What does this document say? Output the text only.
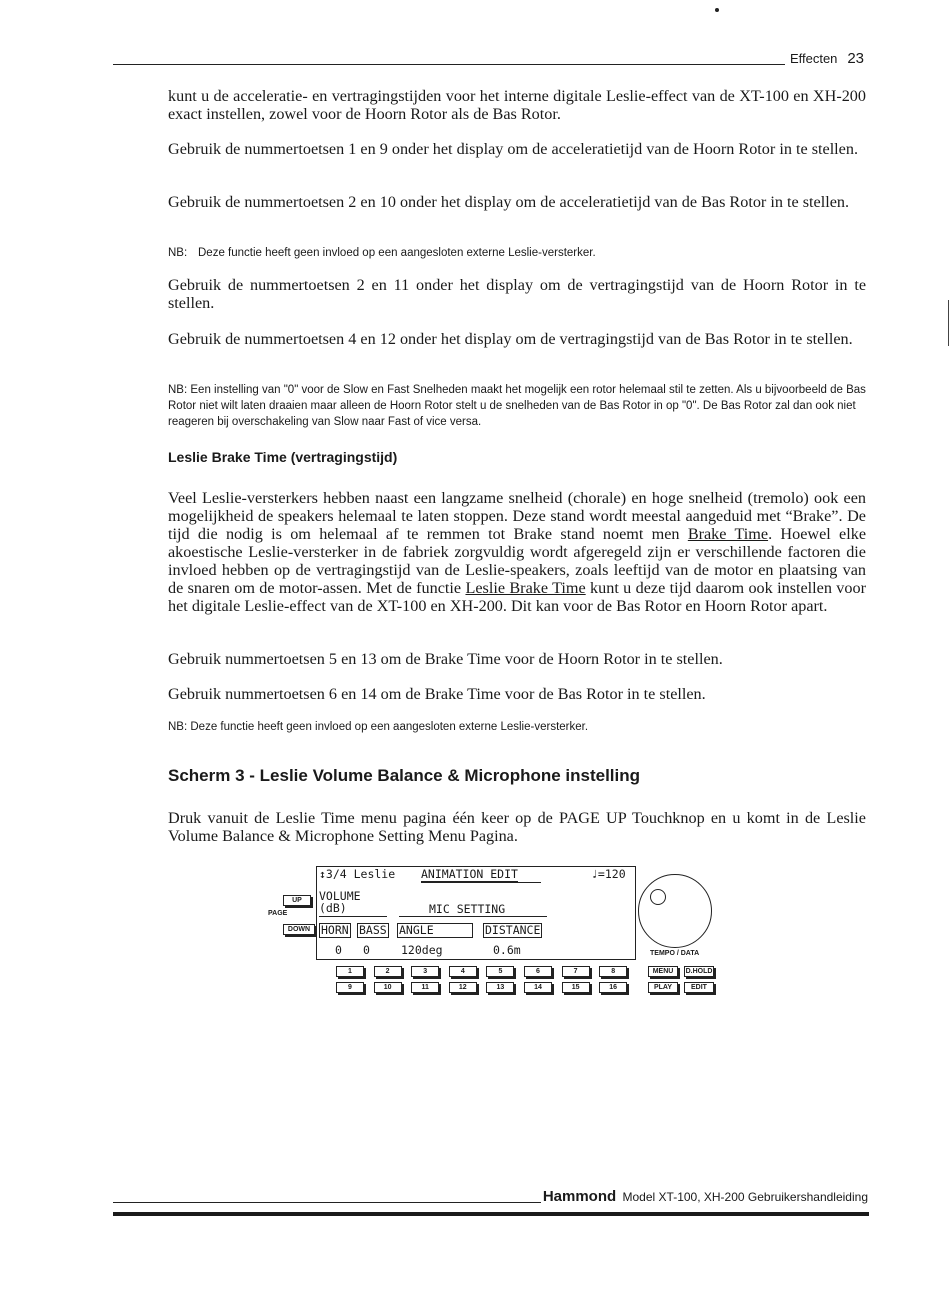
Effecten 23
kunt u de acceleratie- en vertragingstijden voor het interne digitale Leslie-effect van de XT-100 en XH-200 exact instellen, zowel voor de Hoorn Rotor als de Bas Rotor.
Gebruik de nummertoetsen 1 en 9 onder het display om de acceleratietijd van de Hoorn Rotor in te stellen.
Gebruik de nummertoetsen 2 en 10 onder het display om de acceleratietijd van de Bas Rotor in te stellen.
NB: Deze functie heeft geen invloed op een aangesloten externe Leslie-versterker.
Gebruik de nummertoetsen 2 en 11 onder het display om de vertragingstijd van de Hoorn Rotor in te stellen.
Gebruik de nummertoetsen 4 en 12 onder het display om de vertragingstijd van de Bas Rotor in te stellen.
NB: Een instelling van "0" voor de Slow en Fast Snelheden maakt het mogelijk een rotor helemaal stil te zetten. Als u bijvoorbeeld de Bas Rotor niet wilt laten draaien maar alleen de Hoorn Rotor stelt u de snelheden van de Bas Rotor in op "0". De Bas Rotor zal dan ook niet reageren bij overschakeling van Slow naar Fast of vice versa.
Leslie Brake Time (vertragingstijd)
Veel Leslie-versterkers hebben naast een langzame snelheid (chorale) en hoge snelheid (tremolo) ook een mogelijkheid de speakers helemaal te laten stoppen. Deze stand wordt meestal aangeduid met “Brake”. De tijd die nodig is om helemaal af te remmen tot Brake stand noemt men Brake Time. Hoewel elke akoestische Leslie-versterker in de fabriek zorgvuldig wordt afgeregeld zijn er verschillende factoren die invloed hebben op de vertragingstijd van de Leslie-speakers, zoals leeftijd van de motor en plaatsing van de snaren om de motor-assen. Met de functie Leslie Brake Time kunt u deze tijd daarom ook instellen voor het digitale Leslie-effect van de XT-100 en XH-200. Dit kan voor de Bas Rotor en Hoorn Rotor apart.
Gebruik nummertoetsen 5 en 13 om de Brake Time voor de Hoorn Rotor in te stellen.
Gebruik nummertoetsen 6 en 14 om de Brake Time voor de Bas Rotor in te stellen.
NB: Deze functie heeft geen invloed op een aangesloten externe Leslie-versterker.
Scherm 3 - Leslie Volume Balance & Microphone instelling
Druk vanuit de Leslie Time menu pagina één keer op de PAGE UP Touchknop en u komt in de Leslie Volume Balance & Microphone Setting Menu Pagina.
UP
PAGE
DOWN
↕3/4 Leslie ANIMATION EDIT	♩=120
VOLUME
(dB)	MIC SETTING
HORN BASS ANGLE	DISTANCE
0 0	120deg	0.6m	TEMPO / DATA
1	2	3	4	5	6	7	8
9	10	11	12	13	14	15	16
MENU	D.HOLD
PLAY	EDIT
Hammond Model XT-100, XH-200 Gebruikershandleiding
